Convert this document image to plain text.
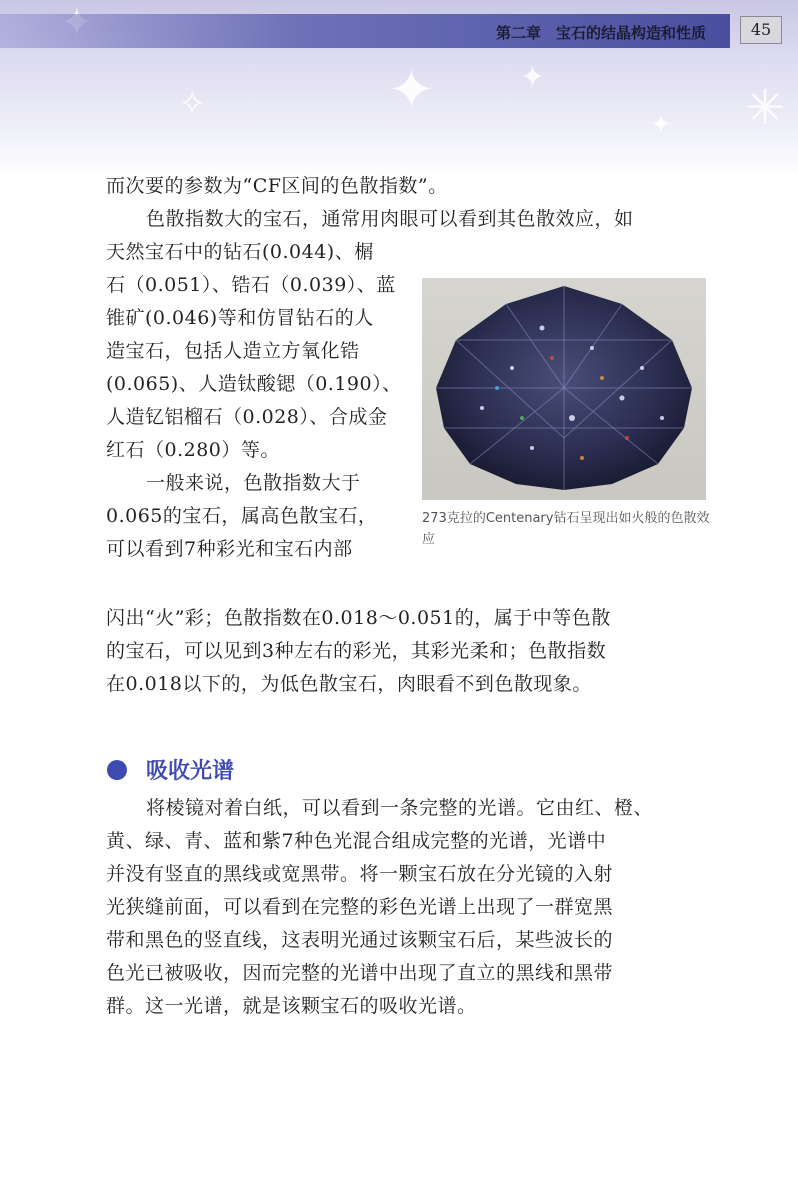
✦	✦
✳
✧
✦
第二章　宝石的结晶构造和性质	45

而次要的参数为“CF区间的色散指数”。

色散指数大的宝石，通常用肉眼可以看到其色散效应，如

天然宝石中的钻石(0.044)、榍

石（0.051）、锆石（0.039）、蓝

锥矿(0.046)等和仿冒钻石的人

造宝石，包括人造立方氧化锆

(0.065)、人造钛酸锶（0.190）、

人造钇铝榴石（0.028）、合成金

红石（0.280）等。

一般来说，色散指数大于

0.065的宝石，属高色散宝石，

可以看到7种彩光和宝石内部

273克拉的Centenary钻石呈现出如火般的色散效应

闪出“火”彩；色散指数在0.018～0.051的，属于中等色散

的宝石，可以见到3种左右的彩光，其彩光柔和；色散指数

在0.018以下的，为低色散宝石，肉眼看不到色散现象。

吸收光谱

将棱镜对着白纸，可以看到一条完整的光谱。它由红、橙、

黄、绿、青、蓝和紫7种色光混合组成完整的光谱，光谱中

并没有竖直的黑线或宽黑带。将一颗宝石放在分光镜的入射

光狭缝前面，可以看到在完整的彩色光谱上出现了一群宽黑

带和黑色的竖直线，这表明光通过该颗宝石后，某些波长的

色光已被吸收，因而完整的光谱中出现了直立的黑线和黑带

群。这一光谱，就是该颗宝石的吸收光谱。
